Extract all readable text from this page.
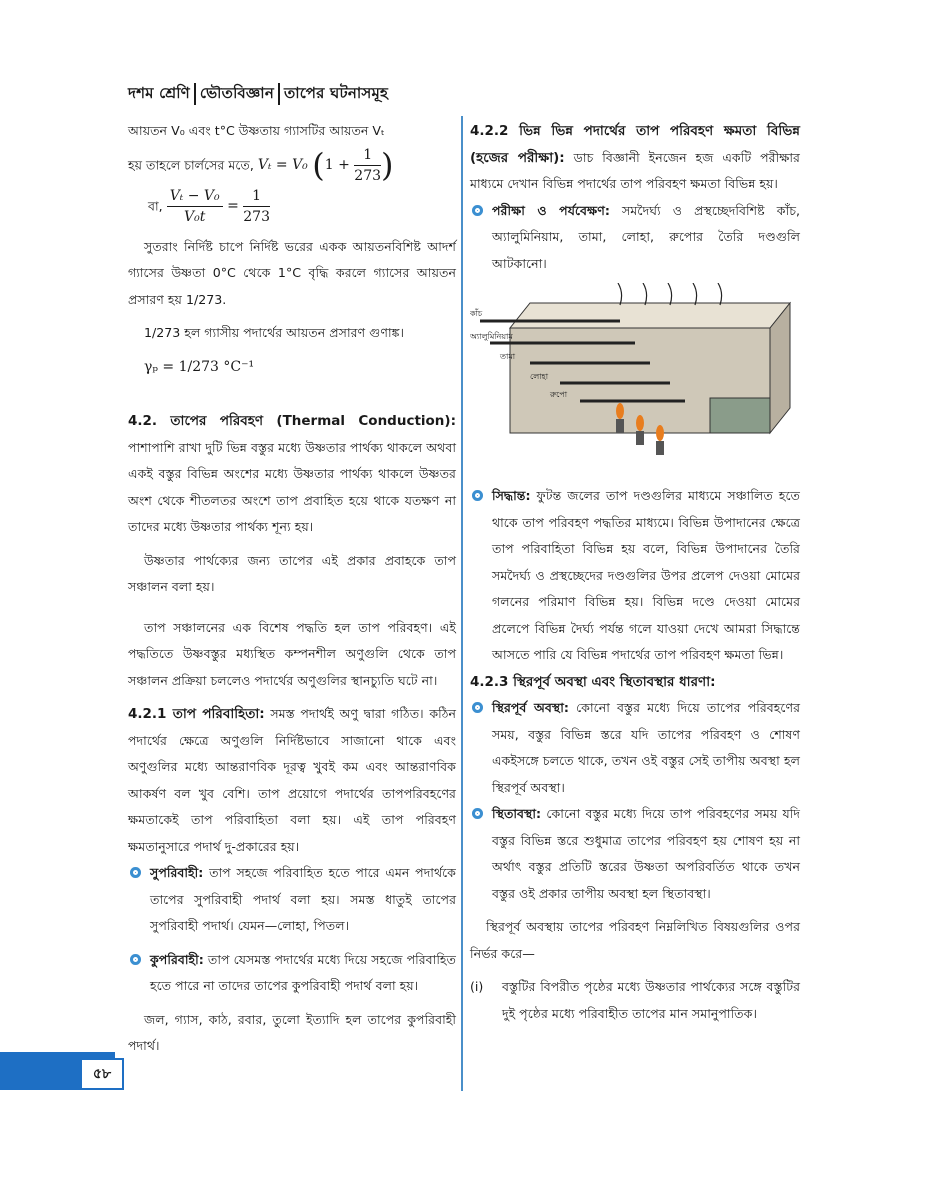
দশম শ্রেণি ভৌতবিজ্ঞান তাপের ঘটনাসমূহ

আয়তন V₀ এবং t°C উষ্ণতায় গ্যাসটির আয়তন Vₜ

হয় তাহলে চার্লসের মতে, Vₜ = V₀ ($1 + \frac{1}{273}$ )

বা, $\frac{\text{Vₜ − V₀}}{\text{V₀t}} = \frac{1}{273}$

সুতরাং নির্দিষ্ট চাপে নির্দিষ্ট ভরের একক আয়তনবিশিষ্ট আদর্শ গ্যাসের উষ্ণতা 0°C থেকে 1°C বৃদ্ধি করলে গ্যাসের আয়তন প্রসারণ হয় 1/273.

1/273 হল গ্যাসীয় পদার্থের আয়তন প্রসারণ গুণাঙ্ক।

γₚ = 1/273 °C⁻¹

4.2. তাপের পরিবহণ (Thermal Conduction): পাশাপাশি রাখা দুটি ভিন্ন বস্তুর মধ্যে উষ্ণতার পার্থক্য থাকলে অথবা একই বস্তুর বিভিন্ন অংশের মধ্যে উষ্ণতার পার্থক্য থাকলে উষ্ণতর অংশ থেকে শীতলতর অংশে তাপ প্রবাহিত হয়ে থাকে যতক্ষণ না তাদের মধ্যে উষ্ণতার পার্থক্য শূন্য হয়।

উষ্ণতার পার্থক্যের জন্য তাপের এই প্রকার প্রবাহকে তাপ সঞ্চালন বলা হয়।

তাপ সঞ্চালনের এক বিশেষ পদ্ধতি হল তাপ পরিবহণ। এই পদ্ধতিতে উষ্ণবস্তুর মধ্যস্থিত কম্পনশীল অণুগুলি থেকে তাপ সঞ্চালন প্রক্রিয়া চললেও পদার্থের অণুগুলির স্থানচ্যুতি ঘটে না।

4.2.1 তাপ পরিবাহিতা: সমস্ত পদার্থই অণু দ্বারা গঠিত। কঠিন পদার্থের ক্ষেত্রে অণুগুলি নির্দিষ্টভাবে সাজানো থাকে এবং অণুগুলির মধ্যে আন্তরাণবিক দূরত্ব খুবই কম এবং আন্তরাণবিক আকর্ষণ বল খুব বেশি। তাপ প্রয়োগে পদার্থের তাপপরিবহণের ক্ষমতাকেই তাপ পরিবাহিতা বলা হয়। এই তাপ পরিবহণ ক্ষমতানুসারে পদার্থ দু-প্রকারের হয়।

সুপরিবাহী: তাপ সহজে পরিবাহিত হতে পারে এমন পদার্থকে তাপের সুপরিবাহী পদার্থ বলা হয়। সমস্ত ধাতুই তাপের সুপরিবাহী পদার্থ। যেমন—লোহা, পিতল।
কুপরিবাহী: তাপ যেসমস্ত পদার্থের মধ্যে দিয়ে সহজে পরিবাহিত হতে পারে না তাদের তাপের কুপরিবাহী পদার্থ বলা হয়।

জল, গ্যাস, কাঠ, রবার, তুলো ইত্যাদি হল তাপের কুপরিবাহী পদার্থ।

4.2.2 ভিন্ন ভিন্ন পদার্থের তাপ পরিবহণ ক্ষমতা বিভিন্ন (হজের পরীক্ষা): ডাচ বিজ্ঞানী ইনজেন হজ একটি পরীক্ষার মাধ্যমে দেখান বিভিন্ন পদার্থের তাপ পরিবহণ ক্ষমতা বিভিন্ন হয়।

পরীক্ষা ও পর্যবেক্ষণ: সমদৈর্ঘ্য ও প্রস্থচ্ছেদবিশিষ্ট কাঁচ, অ্যালুমিনিয়াম, তামা, লোহা, রুপোর তৈরি দণ্ডগুলি আটকানো।
কাঁচ
অ্যালুমিনিয়াম
তামা
লোহা
রুপো
সিদ্ধান্ত: ফুটন্ত জলের তাপ দণ্ডগুলির মাধ্যমে সঞ্চালিত হতে থাকে তাপ পরিবহণ পদ্ধতির মাধ্যমে। বিভিন্ন উপাদানের ক্ষেত্রে তাপ পরিবাহিতা বিভিন্ন হয় বলে, বিভিন্ন উপাদানের তৈরি সমদৈর্ঘ্য ও প্রস্থচ্ছেদের দণ্ডগুলির উপর প্রলেপ দেওয়া মোমের গলনের পরিমাণ বিভিন্ন হয়। বিভিন্ন দণ্ডে দেওয়া মোমের প্রলেপে বিভিন্ন দৈর্ঘ্য পর্যন্ত গলে যাওয়া দেখে আমরা সিদ্ধান্তে আসতে পারি যে বিভিন্ন পদার্থের তাপ পরিবহণ ক্ষমতা ভিন্ন।

4.2.3 স্থিরপূর্ব অবস্থা এবং স্থিতাবস্থার ধারণা:

স্থিরপূর্ব অবস্থা: কোনো বস্তুর মধ্যে দিয়ে তাপের পরিবহণের সময়, বস্তুর বিভিন্ন স্তরে যদি তাপের পরিবহণ ও শোষণ একইসঙ্গে চলতে থাকে, তখন ওই বস্তুর সেই তাপীয় অবস্থা হল স্থিরপূর্ব অবস্থা।
স্থিতাবস্থা: কোনো বস্তুর মধ্যে দিয়ে তাপ পরিবহণের সময় যদি বস্তুর বিভিন্ন স্তরে শুধুমাত্র তাপের পরিবহণ হয় শোষণ হয় না অর্থাৎ বস্তুর প্রতিটি স্তরের উষ্ণতা অপরিবর্তিত থাকে তখন বস্তুর ওই প্রকার তাপীয় অবস্থা হল স্থিতাবস্থা।

স্থিরপূর্ব অবস্থায় তাপের পরিবহণ নিম্নলিখিত বিষয়গুলির ওপর নির্ভর করে—

(i) বস্তুটির বিপরীত পৃষ্ঠের মধ্যে উষ্ণতার পার্থক্যের সঙ্গে বস্তুটির দুই পৃষ্ঠের মধ্যে পরিবাহীত তাপের মান সমানুপাতিক।
৫৮
